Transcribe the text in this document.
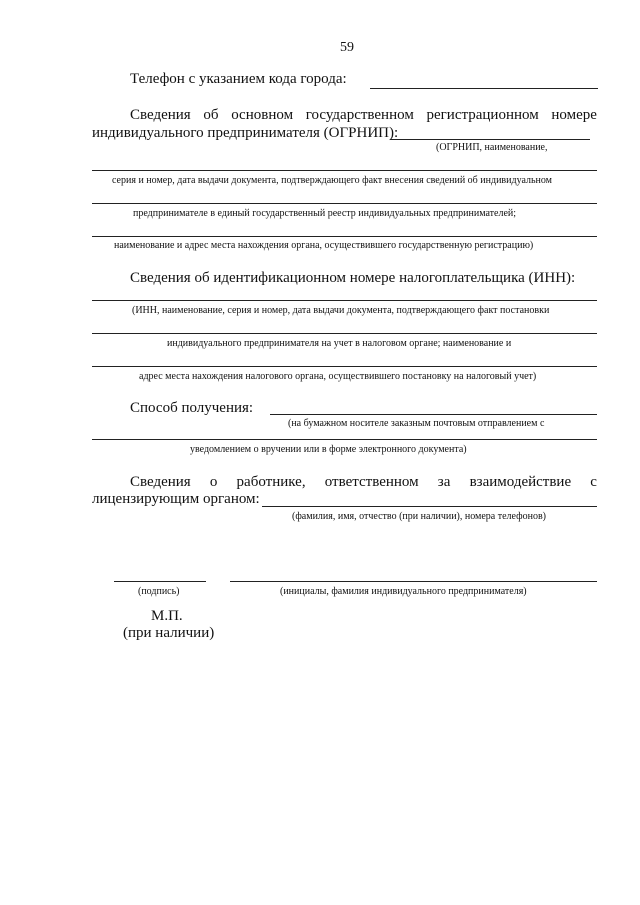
59
Телефон с указанием кода города:
Сведения об основном государственном регистрационном номере
индивидуального предпринимателя (ОГРНИП):
(ОГРНИП, наименование,
серия и номер, дата выдачи документа, подтверждающего факт внесения сведений об индивидуальном
предпринимателе в единый государственный реестр индивидуальных предпринимателей;
наименование и адрес места нахождения органа, осуществившего государственную регистрацию)
Сведения об идентификационном номере налогоплательщика (ИНН):
(ИНН, наименование, серия и номер, дата выдачи документа, подтверждающего факт постановки
индивидуального предпринимателя на учет в налоговом органе; наименование и
адрес места нахождения налогового органа, осуществившего постановку на налоговый учет)
Способ получения:
(на бумажном носителе заказным почтовым отправлением с
уведомлением о вручении или в форме электронного документа)
Сведения о работнике, ответственном за взаимодействие с
лицензирующим органом:
(фамилия, имя, отчество (при наличии), номера телефонов)
(подпись)	(инициалы, фамилия индивидуального предпринимателя)
М.П.
(при наличии)
